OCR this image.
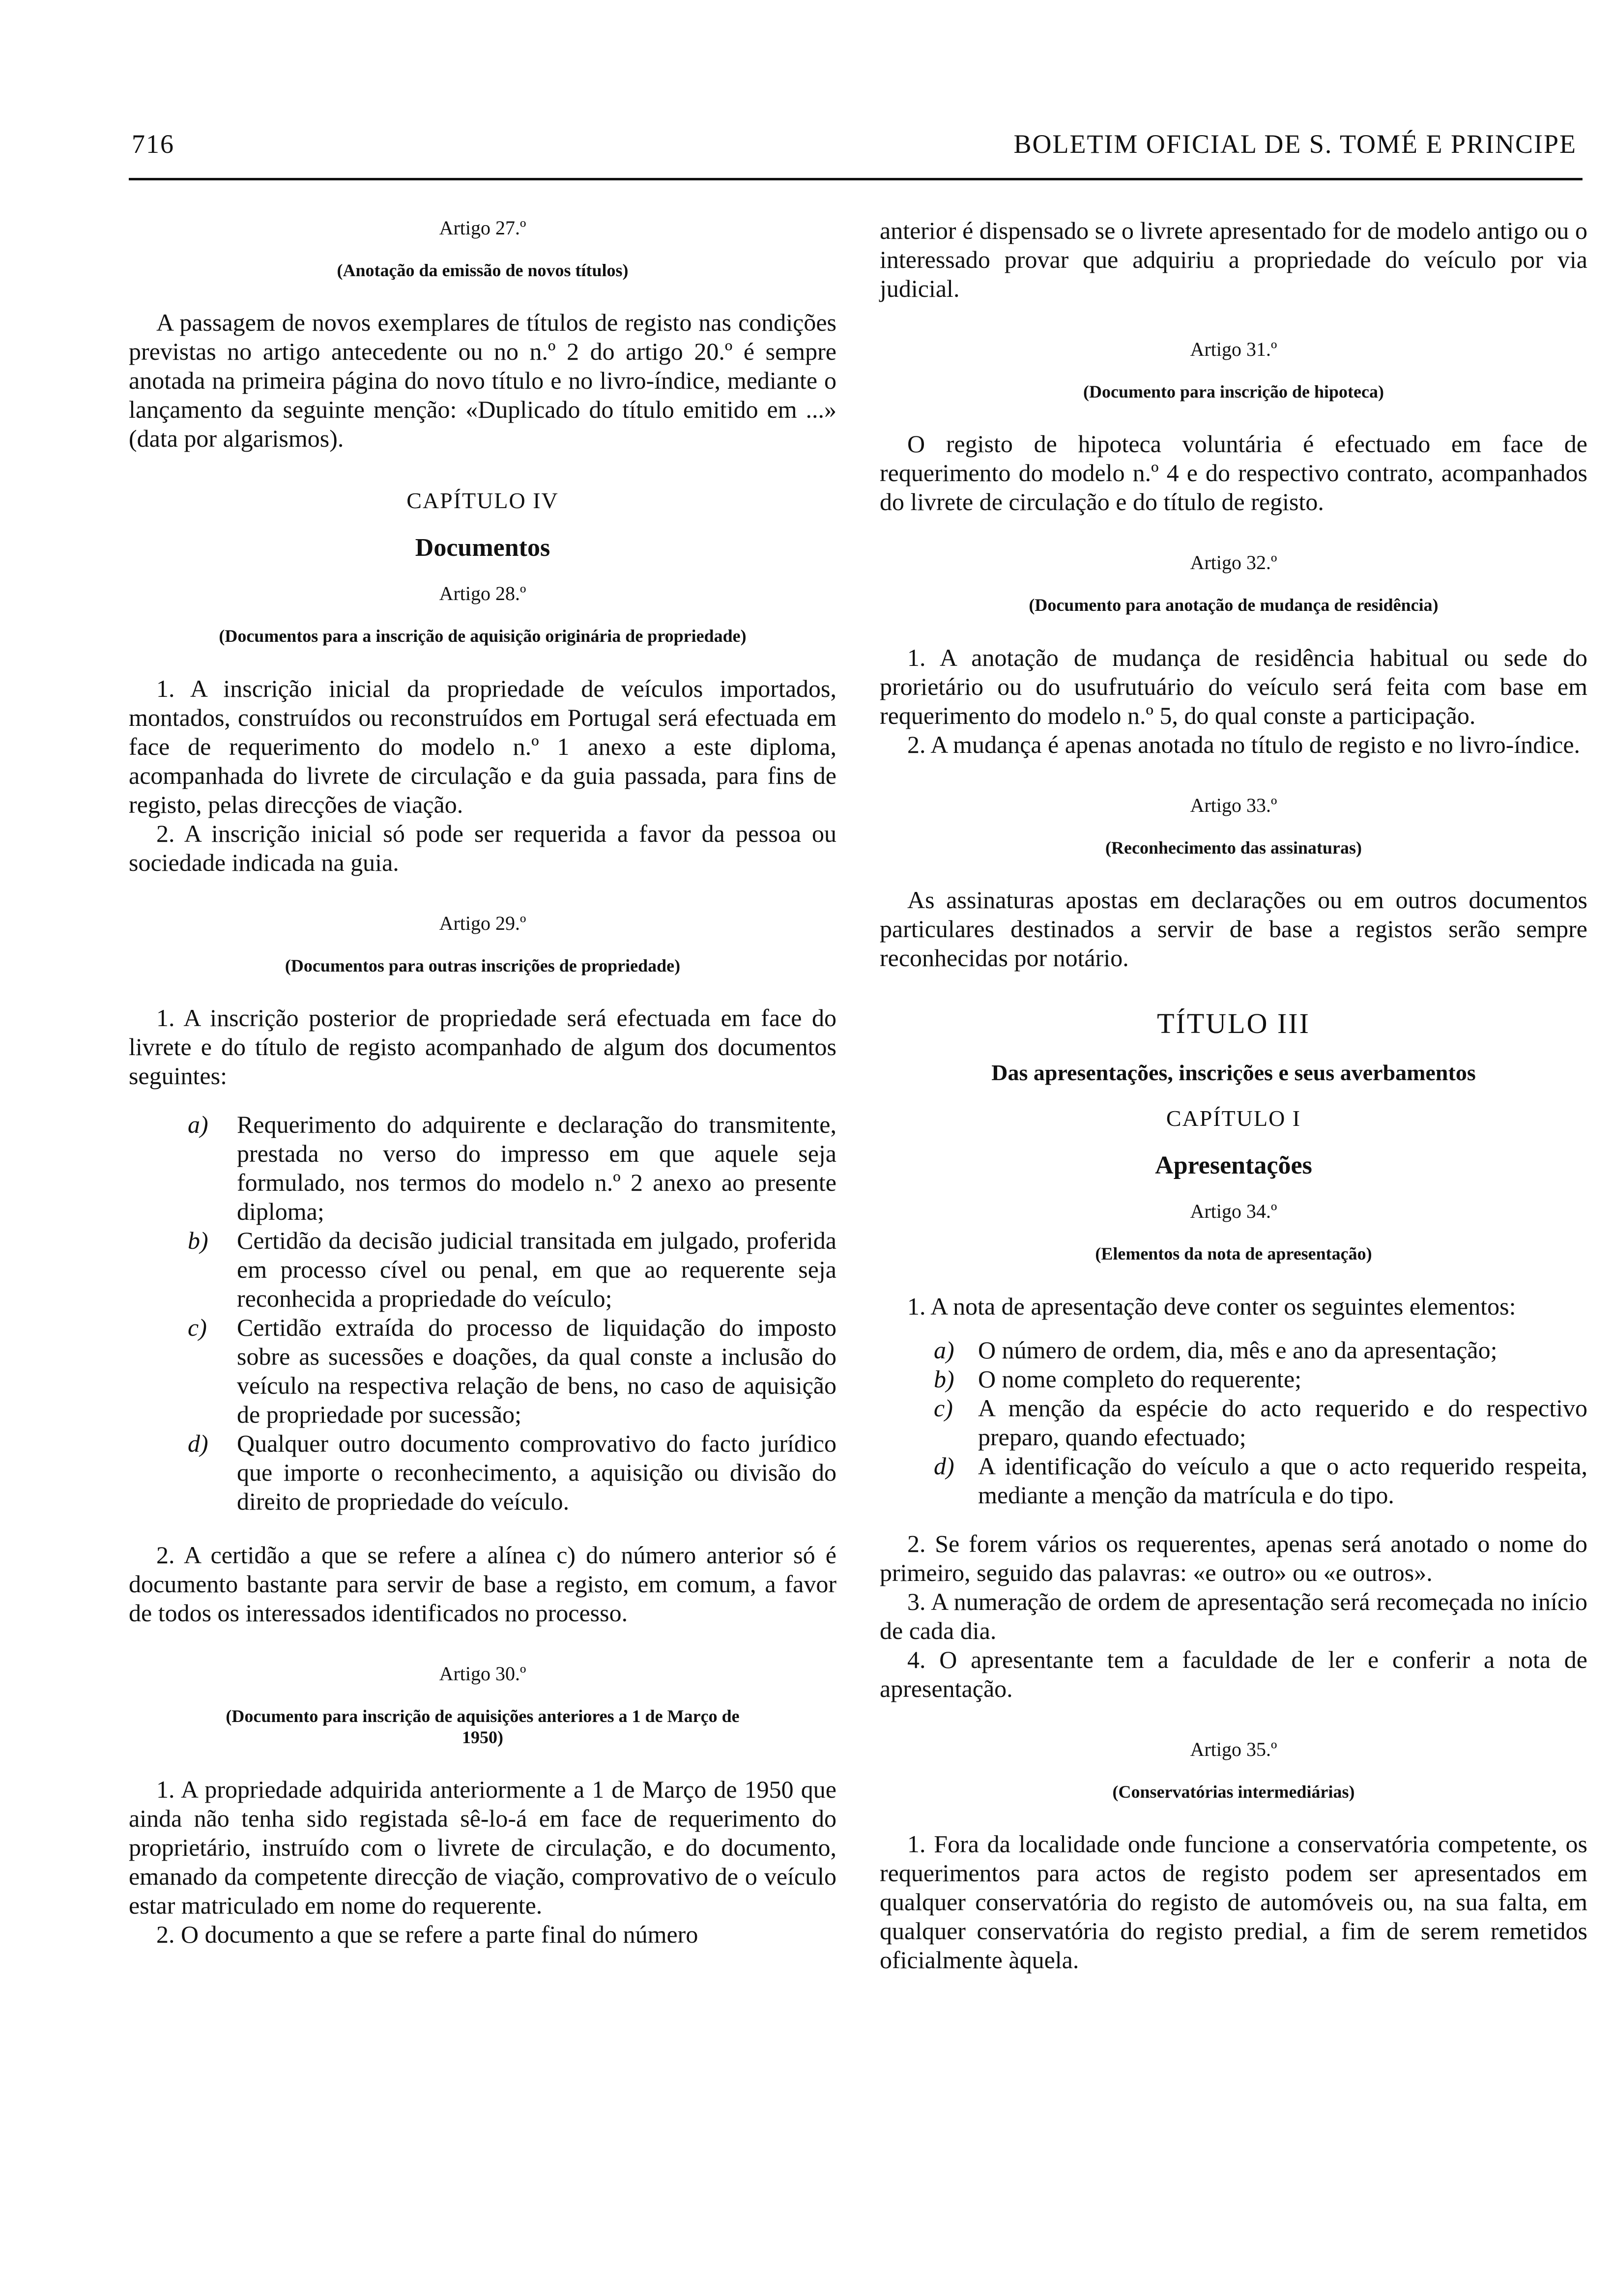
716	BOLETIM OFICIAL DE S. TOMÉ E PRINCIPE
Artigo 27.º
(Anotação da emissão de novos títulos)

A passagem de novos exemplares de títulos de registo nas condições previstas no artigo antecedente ou no n.º 2 do artigo 20.º é sempre anotada na primeira página do novo título e no livro-índice, mediante o lançamento da seguinte menção: «Duplicado do título emitido em ...» (data por algarismos).

CAPÍTULO IV
Documentos
Artigo 28.º
(Documentos para a inscrição de aquisição originária de propriedade)

1. A inscrição inicial da propriedade de veículos importados, montados, construídos ou reconstruídos em Portugal será efectuada em face de requerimento do modelo n.º 1 anexo a este diploma, acompanhada do livrete de circulação e da guia passada, para fins de registo, pelas direcções de viação.

2. A inscrição inicial só pode ser requerida a favor da pessoa ou sociedade indicada na guia.

Artigo 29.º
(Documentos para outras inscrições de propriedade)

1. A inscrição posterior de propriedade será efectuada em face do livrete e do título de registo acompanhado de algum dos documentos seguintes:

a) Requerimento do adquirente e declaração do transmitente, prestada no verso do impresso em que aquele seja formulado, nos termos do modelo n.º 2 anexo ao presente diploma;
b) Certidão da decisão judicial transitada em julgado, proferida em processo cível ou penal, em que ao requerente seja reconhecida a propriedade do veículo;
c) Certidão extraída do processo de liquidação do imposto sobre as sucessões e doações, da qual conste a inclusão do veículo na respectiva relação de bens, no caso de aquisição de propriedade por sucessão;
d) Qualquer outro documento comprovativo do facto jurídico que importe o reconhecimento, a aquisição ou divisão do direito de propriedade do veículo.

2. A certidão a que se refere a alínea c) do número anterior só é documento bastante para servir de base a registo, em comum, a favor de todos os interessados identificados no processo.

Artigo 30.º
(Documento para inscrição de aquisições anteriores a 1 de Março de 1950)

1. A propriedade adquirida anteriormente a 1 de Março de 1950 que ainda não tenha sido registada sê-lo-á em face de requerimento do proprietário, instruído com o livrete de circulação, e do documento, emanado da competente direcção de viação, comprovativo de o veículo estar matriculado em nome do requerente.

2. O documento a que se refere a parte final do número

anterior é dispensado se o livrete apresentado for de modelo antigo ou o interessado provar que adquiriu a propriedade do veículo por via judicial.

Artigo 31.º
(Documento para inscrição de hipoteca)

O registo de hipoteca voluntária é efectuado em face de requerimento do modelo n.º 4 e do respectivo contrato, acompanhados do livrete de circulação e do título de registo.

Artigo 32.º
(Documento para anotação de mudança de residência)

1. A anotação de mudança de residência habitual ou sede do prorietário ou do usufrutuário do veículo será feita com base em requerimento do modelo n.º 5, do qual conste a participação.

2. A mudança é apenas anotada no título de registo e no livro-índice.

Artigo 33.º
(Reconhecimento das assinaturas)

As assinaturas apostas em declarações ou em outros documentos particulares destinados a servir de base a registos serão sempre reconhecidas por notário.

TÍTULO III
Das apresentações, inscrições e seus averbamentos
CAPÍTULO I
Apresentações
Artigo 34.º
(Elementos da nota de apresentação)

1. A nota de apresentação deve conter os seguintes elementos:

a) O número de ordem, dia, mês e ano da apresentação;
b) O nome completo do requerente;
c) A menção da espécie do acto requerido e do respectivo preparo, quando efectuado;
d) A identificação do veículo a que o acto requerido respeita, mediante a menção da matrícula e do tipo.

2. Se forem vários os requerentes, apenas será anotado o nome do primeiro, seguido das palavras: «e outro» ou «e outros».

3. A numeração de ordem de apresentação será recomeçada no início de cada dia.

4. O apresentante tem a faculdade de ler e conferir a nota de apresentação.

Artigo 35.º
(Conservatórias intermediárias)

1. Fora da localidade onde funcione a conservatória competente, os requerimentos para actos de registo podem ser apresentados em qualquer conservatória do registo de automóveis ou, na sua falta, em qualquer conservatória do registo predial, a fim de serem remetidos oficialmente àquela.
